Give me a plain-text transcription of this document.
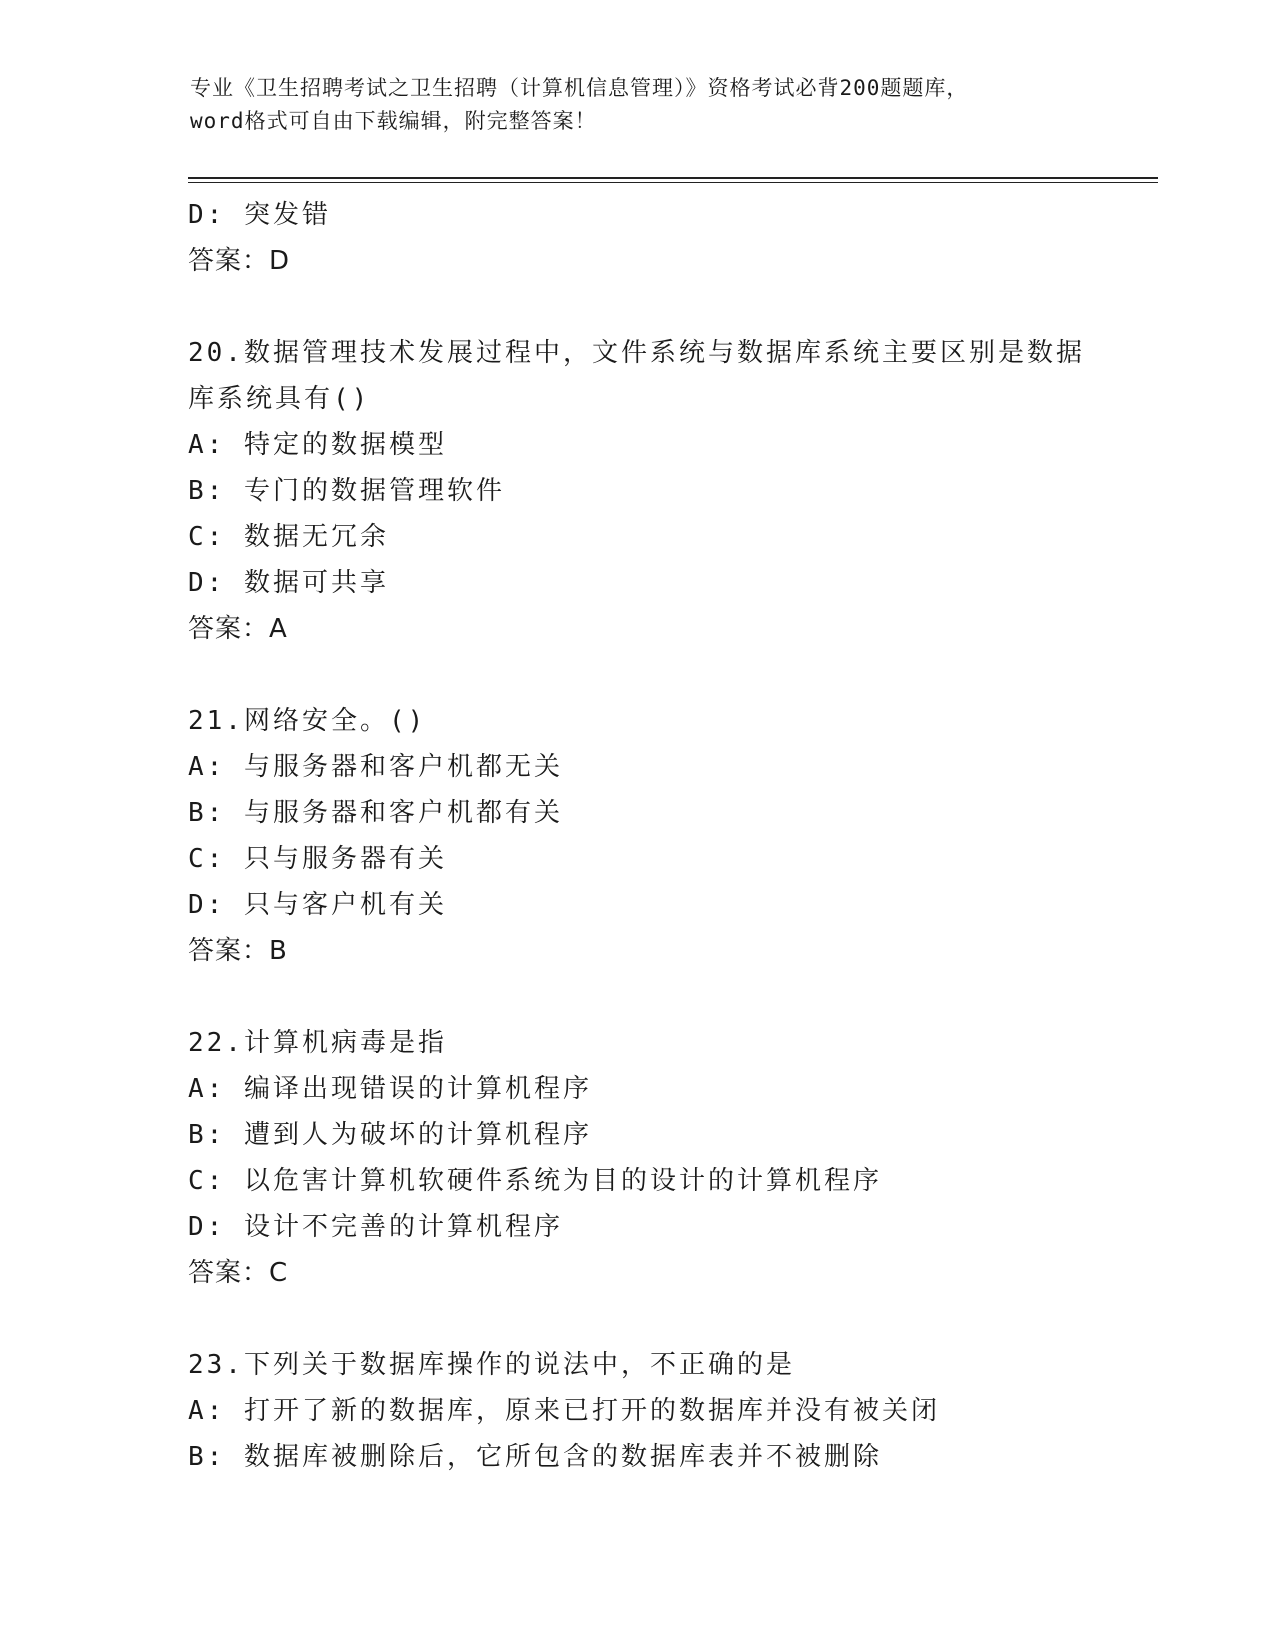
专业《卫生招聘考试之卫生招聘（计算机信息管理）》资格考试必背200题题库，
word格式可自由下载编辑，附完整答案！
D: 突发错
答案：D
20.数据管理技术发展过程中，文件系统与数据库系统主要区别是数据
库系统具有()
A: 特定的数据模型
B: 专门的数据管理软件
C: 数据无冗余
D: 数据可共享
答案：A
21.网络安全。()
A: 与服务器和客户机都无关
B: 与服务器和客户机都有关
C: 只与服务器有关
D: 只与客户机有关
答案：B
22.计算机病毒是指
A: 编译出现错误的计算机程序
B: 遭到人为破坏的计算机程序
C: 以危害计算机软硬件系统为目的设计的计算机程序
D: 设计不完善的计算机程序
答案：C
23.下列关于数据库操作的说法中，不正确的是
A: 打开了新的数据库，原来已打开的数据库并没有被关闭
B: 数据库被删除后，它所包含的数据库表并不被删除
